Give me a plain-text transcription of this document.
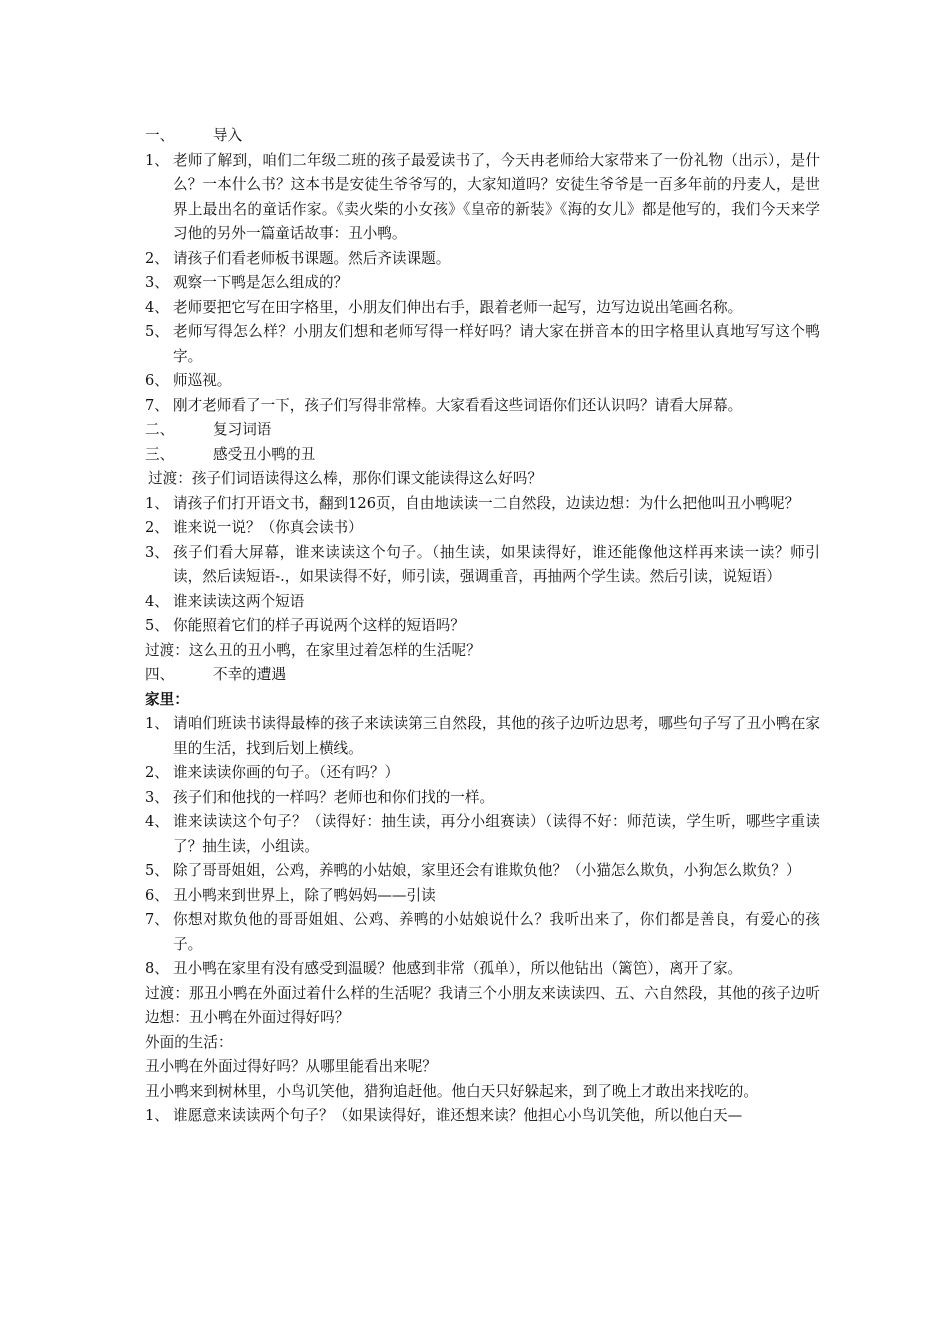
一、	导入
1、 老师了解到，咱们二年级二班的孩子最爱读书了，今天冉老师给大家带来了一份礼物（出示），是什么？一本什么书？这本书是安徒生爷爷写的，大家知道吗？安徒生爷爷是一百多年前的丹麦人，是世界上最出名的童话作家。《卖火柴的小女孩》《皇帝的新装》《海的女儿》都是他写的，我们今天来学习他的另外一篇童话故事：丑小鸭。
2、 请孩子们看老师板书课题。然后齐读课题。
3、 观察一下鸭是怎么组成的？
4、 老师要把它写在田字格里，小朋友们伸出右手，跟着老师一起写，边写边说出笔画名称。
5、 老师写得怎么样？小朋友们想和老师写得一样好吗？请大家在拼音本的田字格里认真地写写这个鸭字。
6、 师巡视。
7、 刚才老师看了一下，孩子们写得非常棒。大家看看这些词语你们还认识吗？请看大屏幕。
二、	复习词语
三、	感受丑小鸭的丑
过渡：孩子们词语读得这么棒，那你们课文能读得这么好吗？
1、 请孩子们打开语文书，翻到126页，自由地读读一二自然段，边读边想：为什么把他叫丑小鸭呢？
2、 谁来说一说？（你真会读书）
3、 孩子们看大屏幕，谁来读读这个句子。（抽生读，如果读得好，谁还能像他这样再来读一读？师引读，然后读短语-.，如果读得不好，师引读，强调重音，再抽两个学生读。然后引读，说短语）
4、 谁来读读这两个短语
5、 你能照着它们的样子再说两个这样的短语吗？
过渡：这么丑的丑小鸭，在家里过着怎样的生活呢？
四、	不幸的遭遇
家里：
1、 请咱们班读书读得最棒的孩子来读读第三自然段，其他的孩子边听边思考，哪些句子写了丑小鸭在家里的生活，找到后划上横线。
2、 谁来读读你画的句子。（还有吗？）
3、 孩子们和他找的一样吗？老师也和你们找的一样。
4、 谁来读读这个句子？（读得好：抽生读，再分小组赛读）（读得不好：师范读，学生听，哪些字重读了？抽生读，小组读。
5、 除了哥哥姐姐，公鸡，养鸭的小姑娘，家里还会有谁欺负他？（小猫怎么欺负，小狗怎么欺负？）
6、 丑小鸭来到世界上，除了鸭妈妈——引读
7、 你想对欺负他的哥哥姐姐、公鸡、养鸭的小姑娘说什么？我听出来了，你们都是善良，有爱心的孩子。
8、 丑小鸭在家里有没有感受到温暖？他感到非常（孤单），所以他钻出（篱笆），离开了家。
过渡：那丑小鸭在外面过着什么样的生活呢？我请三个小朋友来读读四、五、六自然段，其他的孩子边听边想：丑小鸭在外面过得好吗？
外面的生活：
丑小鸭在外面过得好吗？从哪里能看出来呢？
丑小鸭来到树林里，小鸟讥笑他，猎狗追赶他。他白天只好躲起来，到了晚上才敢出来找吃的。
1、 谁愿意来读读两个句子？（如果读得好，谁还想来读？他担心小鸟讥笑他，所以他白天—
